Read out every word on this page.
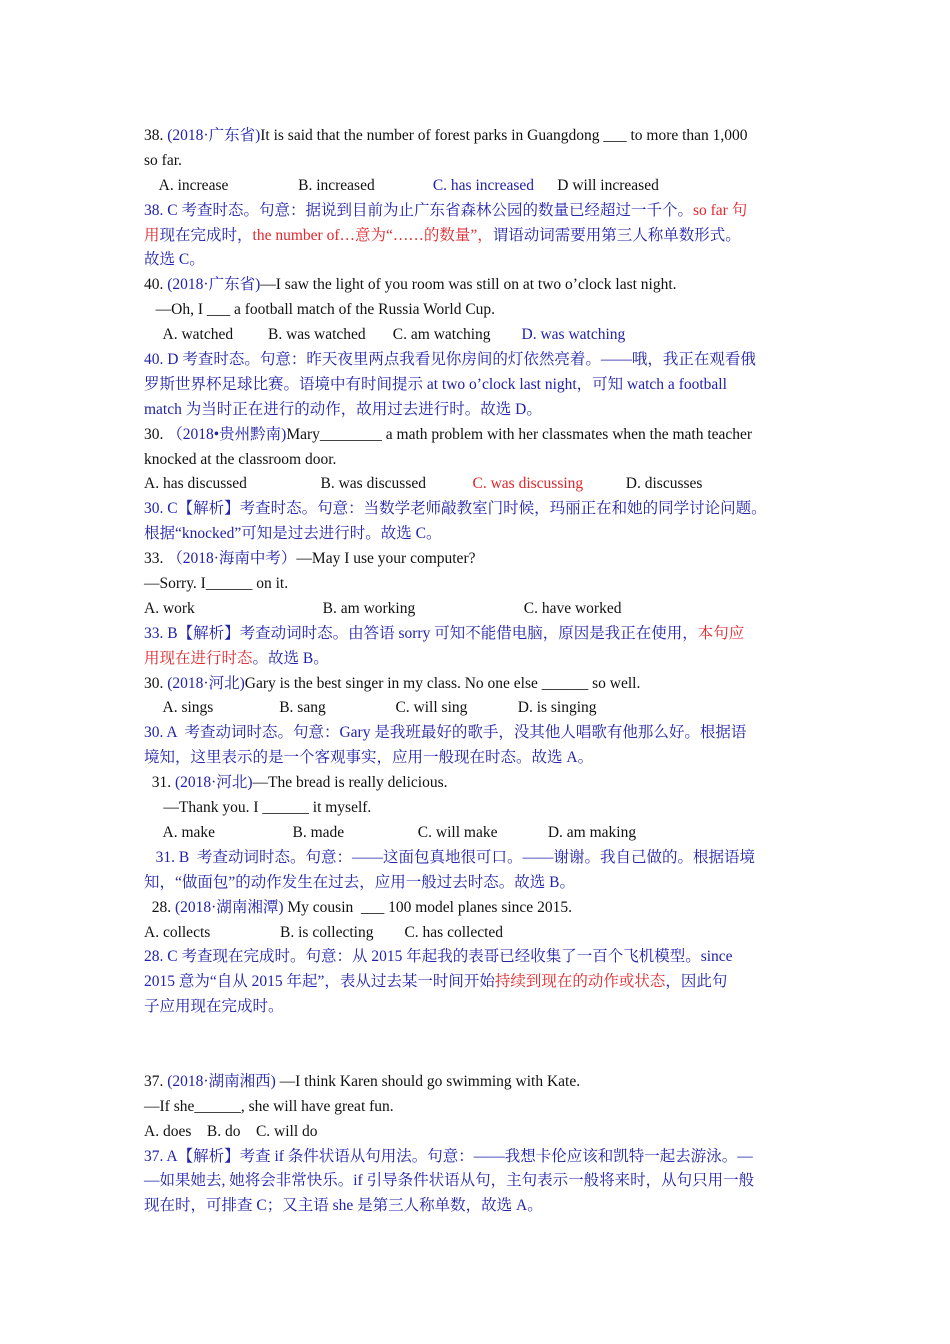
38. (2018·广东省)It is said that the number of forest parks in Guangdong ___ to more than 1,000
so far.
A. increase                  B. increased               C. has increased      D will increased
38. C 考查时态。句意：据说到目前为止广东省森林公园的数量已经超过一千个。so far 句
用现在完成时，the number of…意为“……的数量”，谓语动词需要用第三人称单数形式。
故选 C。
40. (2018·广东省)—I saw the light of you room was still on at two o’clock last night.
—Oh, I ___ a football match of the Russia World Cup.
A. watched         B. was watched       C. am watching        D. was watching
40. D 考查时态。句意：昨天夜里两点我看见你房间的灯依然亮着。——哦，我正在观看俄
罗斯世界杯足球比赛。语境中有时间提示 at two o’clock last night，可知 watch a football
match 为当时正在进行的动作，故用过去进行时。故选 D。
30. （2018•贵州黔南)Mary________ a math problem with her classmates when the math teacher
knocked at the classroom door.
A. has discussed                   B. was discussed            C. was discussing           D. discusses
30. C【解析】考查时态。句意：当数学老师敲教室门时候，玛丽正在和她的同学讨论问题。
根据“knocked”可知是过去进行时。故选 C。
33. （2018·海南中考）—May I use your computer?
—Sorry. I______ on it.
A. work                                 B. am working                            C. have worked
33. B【解析】考查动词时态。由答语 sorry 可知不能借电脑，原因是我正在使用，本句应
用现在进行时态。故选 B。
30. (2018·河北)Gary is the best singer in my class. No one else ______ so well.
A. sings                 B. sang                  C. will sing             D. is singing
30. A  考查动词时态。句意：Gary 是我班最好的歌手，没其他人唱歌有他那么好。根据语
境知，这里表示的是一个客观事实，应用一般现在时态。故选 A。
31. (2018·河北)—The bread is really delicious.
—Thank you. I ______ it myself.
A. make                    B. made                   C. will make             D. am making
31. B  考查动词时态。句意：——这面包真地很可口。——谢谢。我自己做的。根据语境
知，“做面包”的动作发生在过去，应用一般过去时态。故选 B。
28. (2018·湖南湘潭) My cousin  ___ 100 model planes since 2015.
A. collects                  B. is collecting        C. has collected
28. C 考查现在完成时。句意：从 2015 年起我的表哥已经收集了一百个飞机模型。since
2015 意为“自从 2015 年起”，表从过去某一时间开始持续到现在的动作或状态，因此句
子应用现在完成时。
37. (2018·湖南湘西) —I think Karen should go swimming with Kate.
—If she______, she will have great fun.
A. does    B. do    C. will do
37. A【解析】考查 if 条件状语从句用法。句意：——我想卡伦应该和凯特一起去游泳。—
—如果她去, 她将会非常快乐。if 引导条件状语从句，主句表示一般将来时，从句只用一般
现在时，可排查 C；又主语 she 是第三人称单数，故选 A。
